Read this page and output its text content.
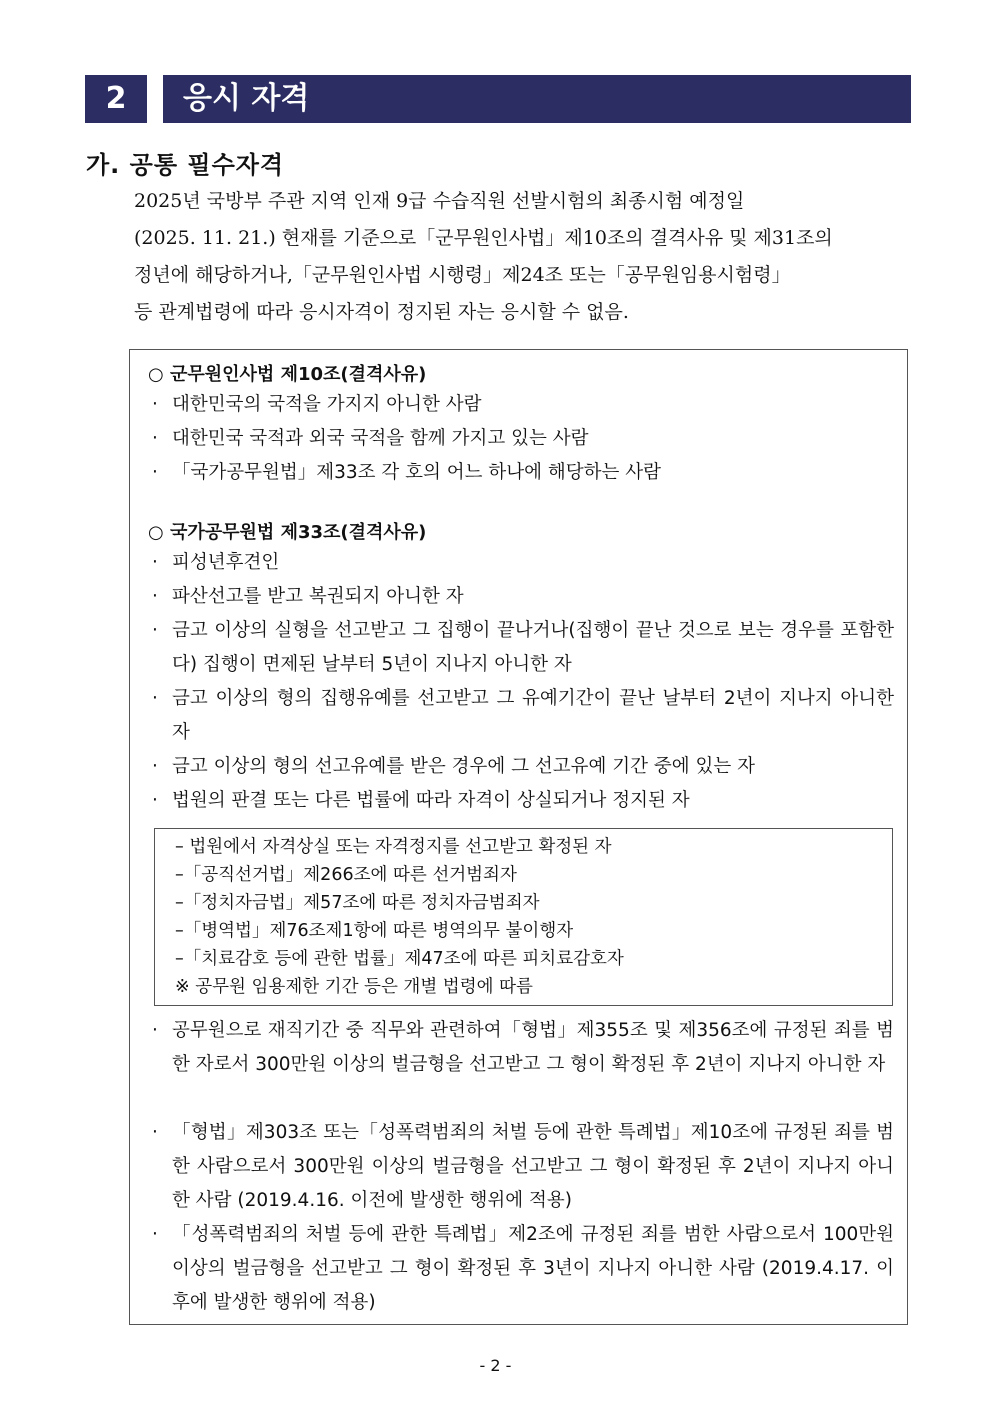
2	응시 자격
가. 공통 필수자격

2025년 국방부 주관 지역 인재 9급 수습직원 선발시험의 최종시험 예정일

(2025. 11. 21.) 현재를 기준으로「군무원인사법」제10조의 결격사유 및 제31조의

정년에 해당하거나,「군무원인사법 시행령」제24조 또는「공무원임용시험령」

등 관계법령에 따라 응시자격이 정지된 자는 응시할 수 없음.

○ 군무원인사법 제10조(결격사유)
· 대한민국의 국적을 가지지 아니한 사람
· 대한민국 국적과 외국 국적을 함께 가지고 있는 사람
· 「국가공무원법」제33조 각 호의 어느 하나에 해당하는 사람
○ 국가공무원법 제33조(결격사유)
· 피성년후견인
· 파산선고를 받고 복권되지 아니한 자
· 금고 이상의 실형을 선고받고 그 집행이 끝나거나(집행이 끝난 것으로 보는 경우를 포함한다) 집행이 면제된 날부터 5년이 지나지 아니한 자
· 금고 이상의 형의 집행유예를 선고받고 그 유예기간이 끝난 날부터 2년이 지나지 아니한 자
· 금고 이상의 형의 선고유예를 받은 경우에 그 선고유예 기간 중에 있는 자
· 법원의 판결 또는 다른 법률에 따라 자격이 상실되거나 정지된 자
– 법원에서 자격상실 또는 자격정지를 선고받고 확정된 자
–「공직선거법」제266조에 따른 선거범죄자
–「정치자금법」제57조에 따른 정치자금범죄자
–「병역법」제76조제1항에 따른 병역의무 불이행자
–「치료감호 등에 관한 법률」제47조에 따른 피치료감호자
※ 공무원 임용제한 기간 등은 개별 법령에 따름
· 공무원으로 재직기간 중 직무와 관련하여「형법」제355조 및 제356조에 규정된 죄를 범한 자로서 300만원 이상의 벌금형을 선고받고 그 형이 확정된 후 2년이 지나지 아니한 자
· 「형법」제303조 또는「성폭력범죄의 처벌 등에 관한 특례법」제10조에 규정된 죄를 범한 사람으로서 300만원 이상의 벌금형을 선고받고 그 형이 확정된 후 2년이 지나지 아니한 사람 (2019.4.16. 이전에 발생한 행위에 적용)
· 「성폭력범죄의 처벌 등에 관한 특례법」제2조에 규정된 죄를 범한 사람으로서 100만원 이상의 벌금형을 선고받고 그 형이 확정된 후 3년이 지나지 아니한 사람 (2019.4.17. 이후에 발생한 행위에 적용)
- 2 -
